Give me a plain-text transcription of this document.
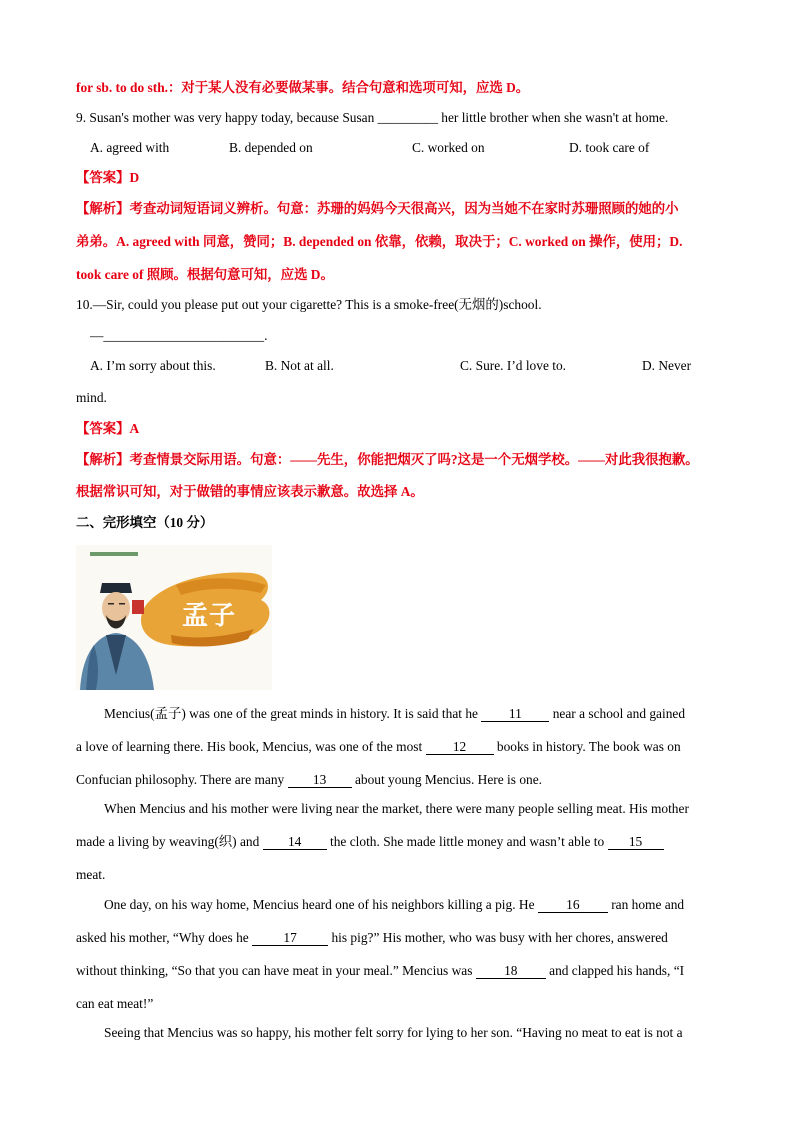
for sb. to do sth.：对于某人没有必要做某事。结合句意和选项可知，应选 D。
9. Susan's mother was very happy today, because Susan _________ her little brother when she wasn't at home.
A. agreed with	B. depended on	C. worked on	D. took care of
【答案】D
【解析】考查动词短语词义辨析。句意：苏珊的妈妈今天很高兴，因为当她不在家时苏珊照顾的她的小
弟弟。A. agreed with 同意，赞同；B. depended on 依靠，依赖，取决于；C. worked on 操作，使用；D.
took care of 照顾。根据句意可知，应选 D。
10.—Sir, could you please put out your cigarette? This is a smoke-free(无烟的)school.
—________________________.
A. I’m sorry about this.	B. Not at all.	C. Sure. I’d love to.	D. Never
mind.
【答案】A
【解析】考查情景交际用语。句意：——先生，你能把烟灭了吗?这是一个无烟学校。——对此我很抱歉。
根据常识可知，对于做错的事情应该表示歉意。故选择 A。
二、完形填空（10 分）
孟子
Mencius(孟子) was one of the great minds in history. It is said that he 11 near a school and gained
a love of learning there. His book, Mencius, was one of the most 12 books in history. The book was on
Confucian philosophy. There are many 13 about young Mencius. Here is one.
When Mencius and his mother were living near the market, there were many people selling meat. His mother
made a living by weaving(织) and 14 the cloth. She made little money and wasn’t able to 15
meat.
One day, on his way home, Mencius heard one of his neighbors killing a pig. He 16 ran home and
asked his mother, “Why does he 17 his pig?” His mother, who was busy with her chores, answered
without thinking, “So that you can have meat in your meal.” Mencius was 18 and clapped his hands, “I
can eat meat!”
Seeing that Mencius was so happy, his mother felt sorry for lying to her son. “Having no meat to eat is not a
